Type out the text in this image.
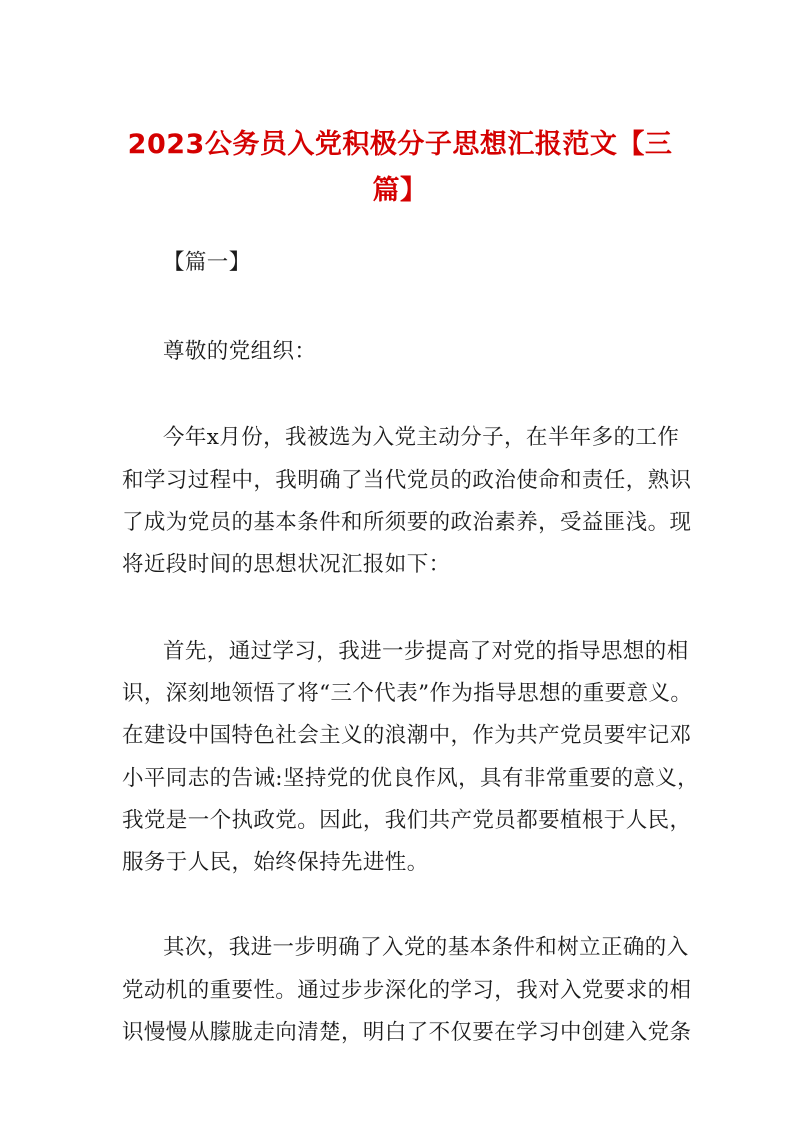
2023公务员入党积极分子思想汇报范文【三
篇】
【篇一】
尊敬的党组织：
今年x月份，我被选为入党主动分子，在半年多的工作
和学习过程中，我明确了当代党员的政治使命和责任，熟识
了成为党员的基本条件和所须要的政治素养，受益匪浅。现
将近段时间的思想状况汇报如下：
首先，通过学习，我进一步提高了对党的指导思想的相
识，深刻地领悟了将“三个代表”作为指导思想的重要意义。
在建设中国特色社会主义的浪潮中，作为共产党员要牢记邓
小平同志的告诫:坚持党的优良作风，具有非常重要的意义，
我党是一个执政党。因此，我们共产党员都要植根于人民，
服务于人民，始终保持先进性。
其次，我进一步明确了入党的基本条件和树立正确的入
党动机的重要性。通过步步深化的学习，我对入党要求的相
识慢慢从朦胧走向清楚，明白了不仅要在学习中创建入党条
